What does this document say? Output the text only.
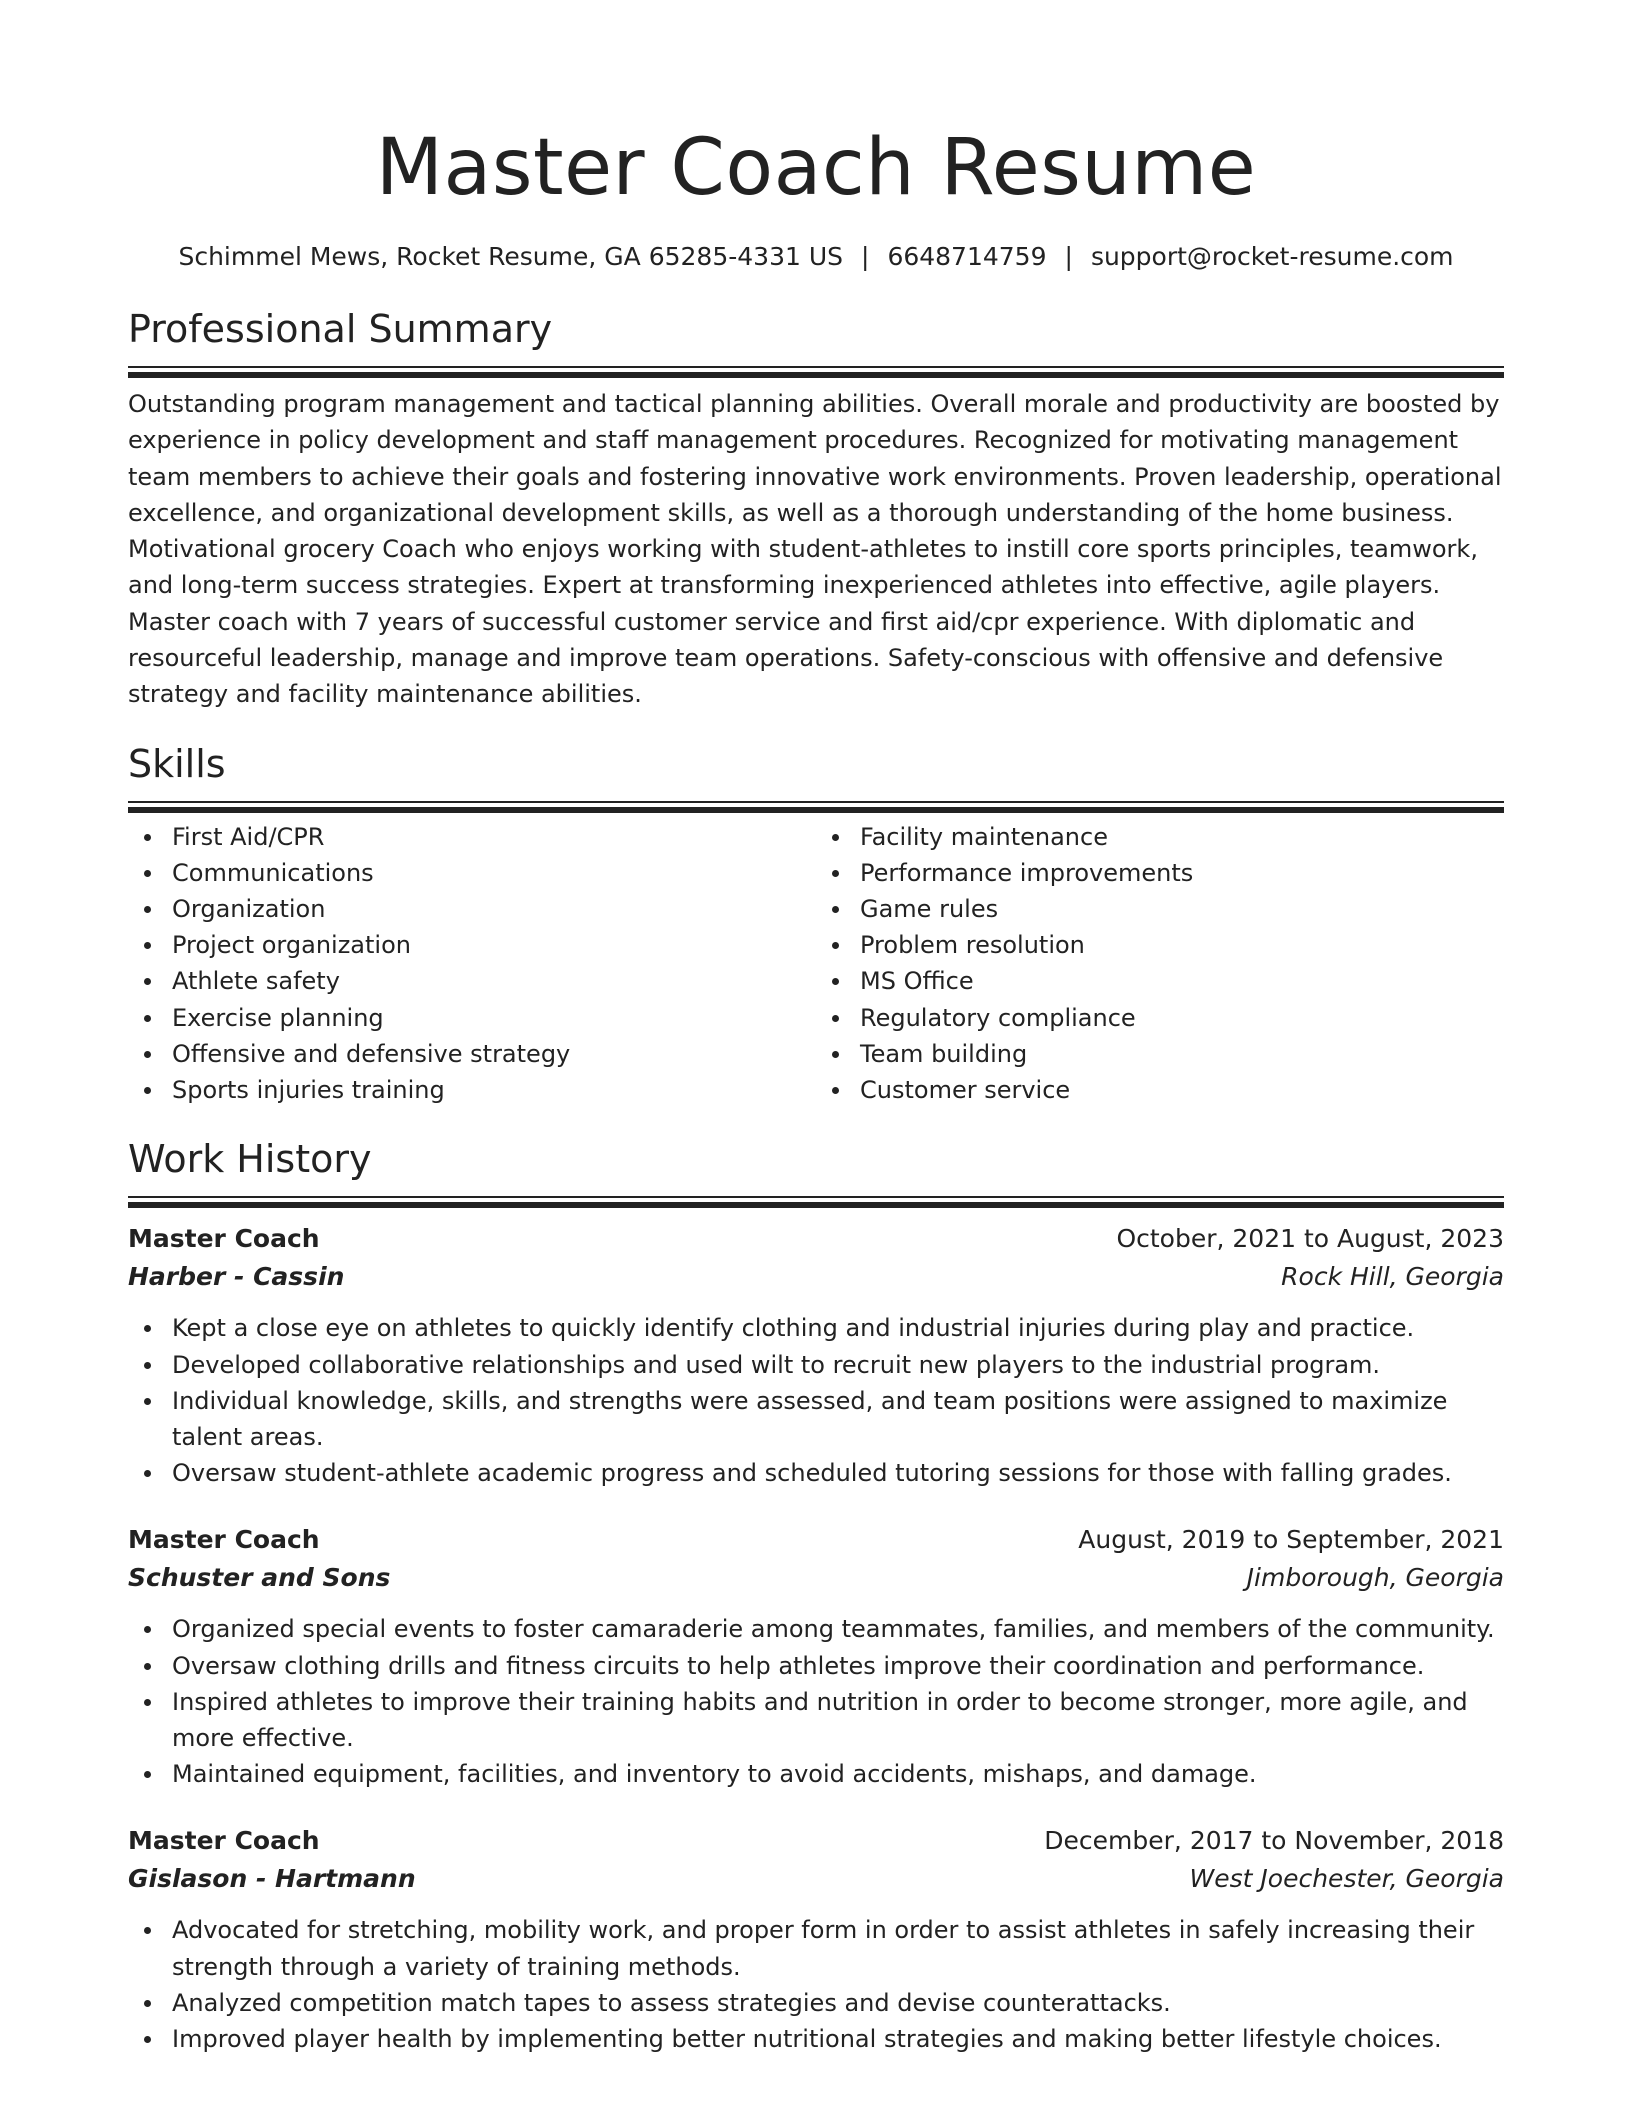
Master Coach Resume
Schimmel Mews, Rocket Resume, GA 65285-4331 US | 6648714759 | support@rocket-resume.com
Professional Summary

Outstanding program management and tactical planning abilities. Overall morale and productivity are boosted by experience in policy development and staff management procedures. Recognized for motivating management team members to achieve their goals and fostering innovative work environments. Proven leadership, operational excellence, and organizational development skills, as well as a thorough understanding of the home business. Motivational grocery Coach who enjoys working with student-athletes to instill core sports principles, teamwork, and long-term success strategies. Expert at transforming inexperienced athletes into effective, agile players. Master coach with 7 years of successful customer service and first aid/cpr experience. With diplomatic and resourceful leadership, manage and improve team operations. Safety-conscious with offensive and defensive strategy and facility maintenance abilities.

Skills
First Aid/CPR
Communications
Organization
Project organization
Athlete safety
Exercise planning
Offensive and defensive strategy
Sports injuries training
Facility maintenance
Performance improvements
Game rules
Problem resolution
MS Office
Regulatory compliance
Team building
Customer service
Work History
Master Coach	October, 2021 to August, 2023
Harber - Cassin	Rock Hill, Georgia
Kept a close eye on athletes to quickly identify clothing and industrial injuries during play and practice.
Developed collaborative relationships and used wilt to recruit new players to the industrial program.
Individual knowledge, skills, and strengths were assessed, and team positions were assigned to maximize talent areas.
Oversaw student-athlete academic progress and scheduled tutoring sessions for those with falling grades.
Master Coach	August, 2019 to September, 2021
Schuster and Sons	Jimborough, Georgia
Organized special events to foster camaraderie among teammates, families, and members of the community.
Oversaw clothing drills and fitness circuits to help athletes improve their coordination and performance.
Inspired athletes to improve their training habits and nutrition in order to become stronger, more agile, and more effective.
Maintained equipment, facilities, and inventory to avoid accidents, mishaps, and damage.
Master Coach	December, 2017 to November, 2018
Gislason - Hartmann	West Joechester, Georgia
Advocated for stretching, mobility work, and proper form in order to assist athletes in safely increasing their strength through a variety of training methods.
Analyzed competition match tapes to assess strategies and devise counterattacks.
Improved player health by implementing better nutritional strategies and making better lifestyle choices.
